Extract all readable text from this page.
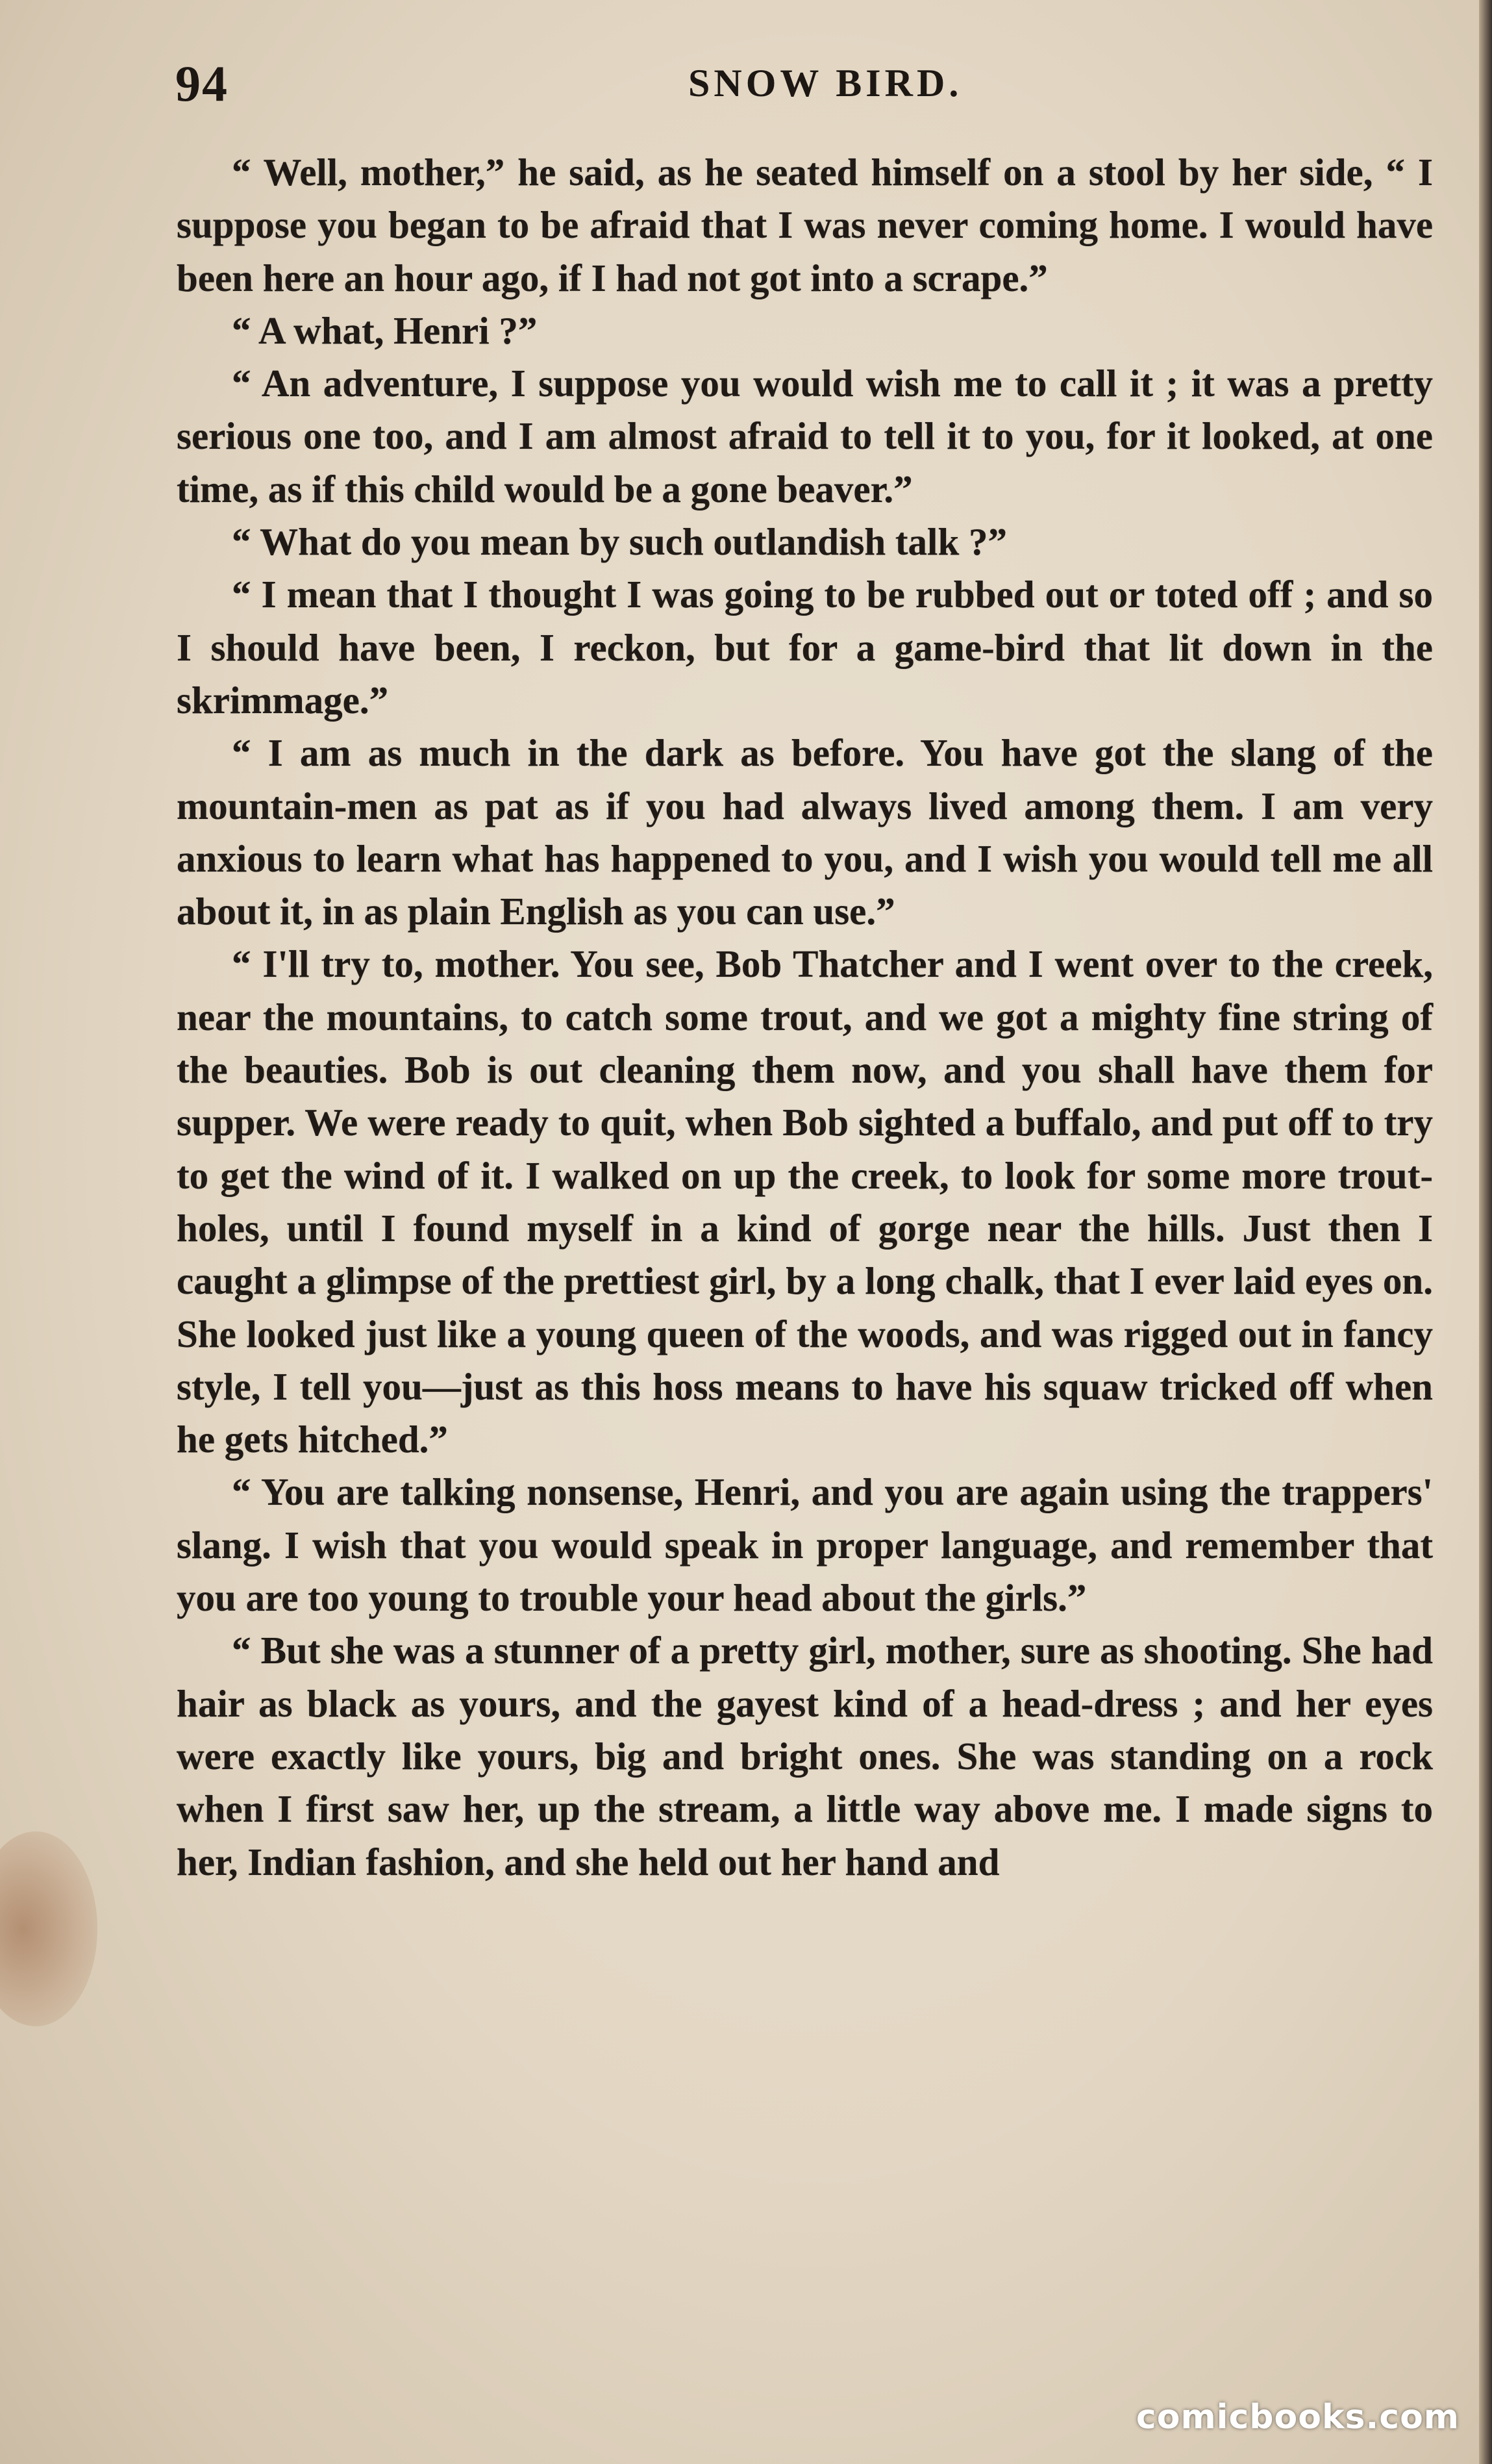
94	SNOW BIRD.

“ Well, mother,” he said, as he seated himself on a stool by her side, “ I suppose you began to be afraid that I was never coming home. I would have been here an hour ago, if I had not got into a scrape.”

“ A what, Henri ?”

“ An adventure, I suppose you would wish me to call it ; it was a pretty serious one too, and I am almost afraid to tell it to you, for it looked, at one time, as if this child would be a gone beaver.”

“ What do you mean by such outlandish talk ?”

“ I mean that I thought I was going to be rubbed out or toted off ; and so I should have been, I reckon, but for a game-bird that lit down in the skrimmage.”

“ I am as much in the dark as before. You have got the slang of the mountain-men as pat as if you had always lived among them. I am very anxious to learn what has happened to you, and I wish you would tell me all about it, in as plain English as you can use.”

“ I'll try to, mother. You see, Bob Thatcher and I went over to the creek, near the mountains, to catch some trout, and we got a mighty fine string of the beauties. Bob is out cleaning them now, and you shall have them for supper. We were ready to quit, when Bob sighted a buffalo, and put off to try to get the wind of it. I walked on up the creek, to look for some more trout-holes, until I found myself in a kind of gorge near the hills. Just then I caught a glimpse of the prettiest girl, by a long chalk, that I ever laid eyes on. She looked just like a young queen of the woods, and was rigged out in fancy style, I tell you—just as this hoss means to have his squaw tricked off when he gets hitched.”

“ You are talking nonsense, Henri, and you are again using the trappers' slang. I wish that you would speak in proper language, and remember that you are too young to trouble your head about the girls.”

“ But she was a stunner of a pretty girl, mother, sure as shooting. She had hair as black as yours, and the gayest kind of a head-dress ; and her eyes were exactly like yours, big and bright ones. She was standing on a rock when I first saw her, up the stream, a little way above me. I made signs to her, Indian fashion, and she held out her hand and

comicbooks.com
